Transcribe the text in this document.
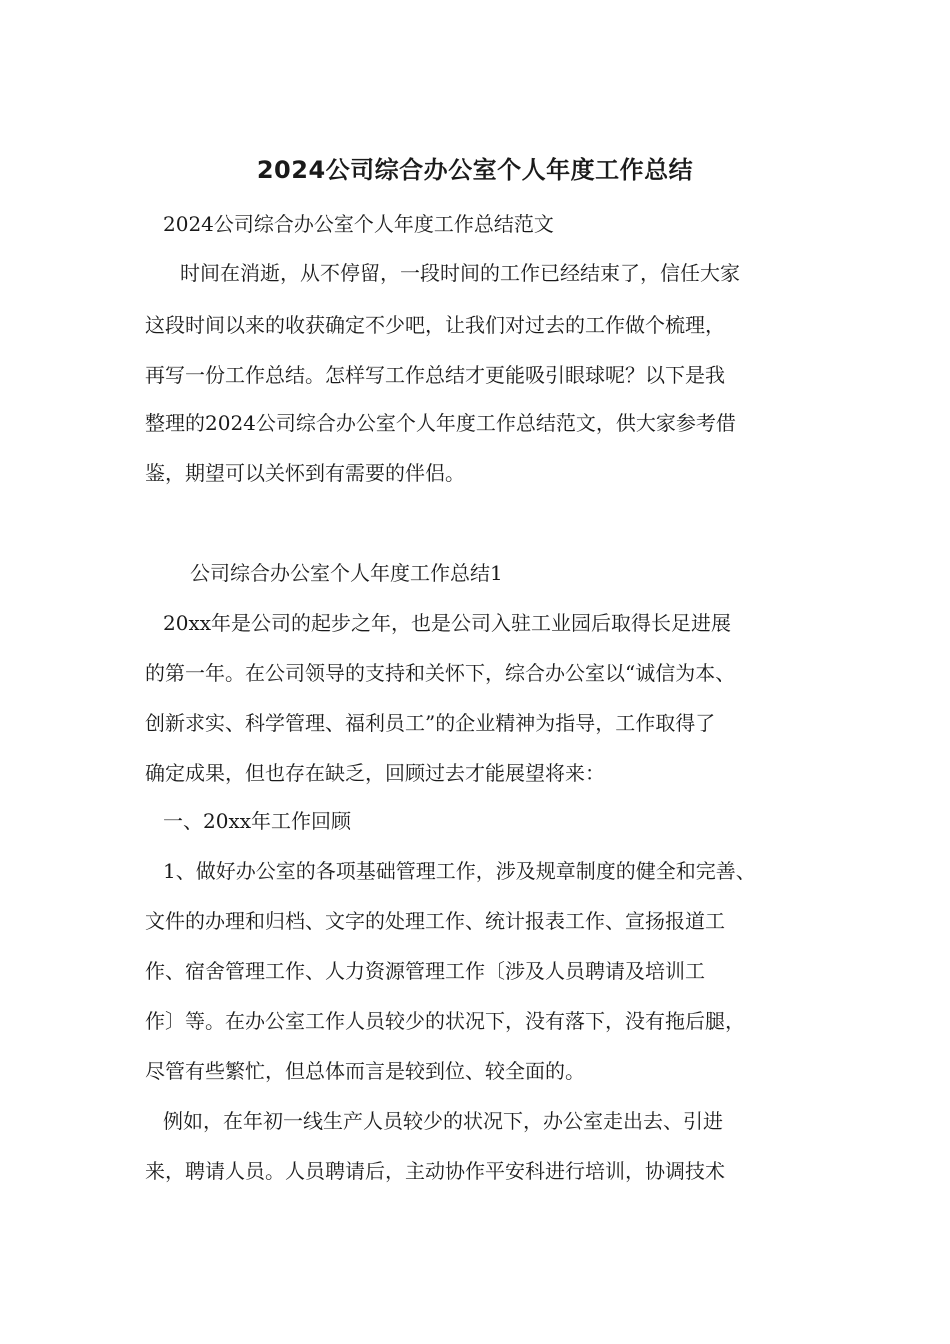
2024公司综合办公室个人年度工作总结
2024公司综合办公室个人年度工作总结范文
时间在消逝，从不停留，一段时间的工作已经结束了，信任大家
这段时间以来的收获确定不少吧，让我们对过去的工作做个梳理，
再写一份工作总结。怎样写工作总结才更能吸引眼球呢？以下是我
整理的2024公司综合办公室个人年度工作总结范文，供大家参考借
鉴，期望可以关怀到有需要的伴侣。
公司综合办公室个人年度工作总结1
20xx年是公司的起步之年，也是公司入驻工业园后取得长足进展
的第一年。在公司领导的支持和关怀下，综合办公室以“诚信为本、
创新求实、科学管理、福利员工”的企业精神为指导，工作取得了
确定成果，但也存在缺乏，回顾过去才能展望将来：
一、20xx年工作回顾
1、做好办公室的各项基础管理工作，涉及规章制度的健全和完善、
文件的办理和归档、文字的处理工作、统计报表工作、宣扬报道工
作、宿舍管理工作、人力资源管理工作〔涉及人员聘请及培训工
作〕等。在办公室工作人员较少的状况下，没有落下，没有拖后腿，
尽管有些繁忙，但总体而言是较到位、较全面的。
例如，在年初一线生产人员较少的状况下，办公室走出去、引进
来，聘请人员。人员聘请后，主动协作平安科进行培训，协调技术
